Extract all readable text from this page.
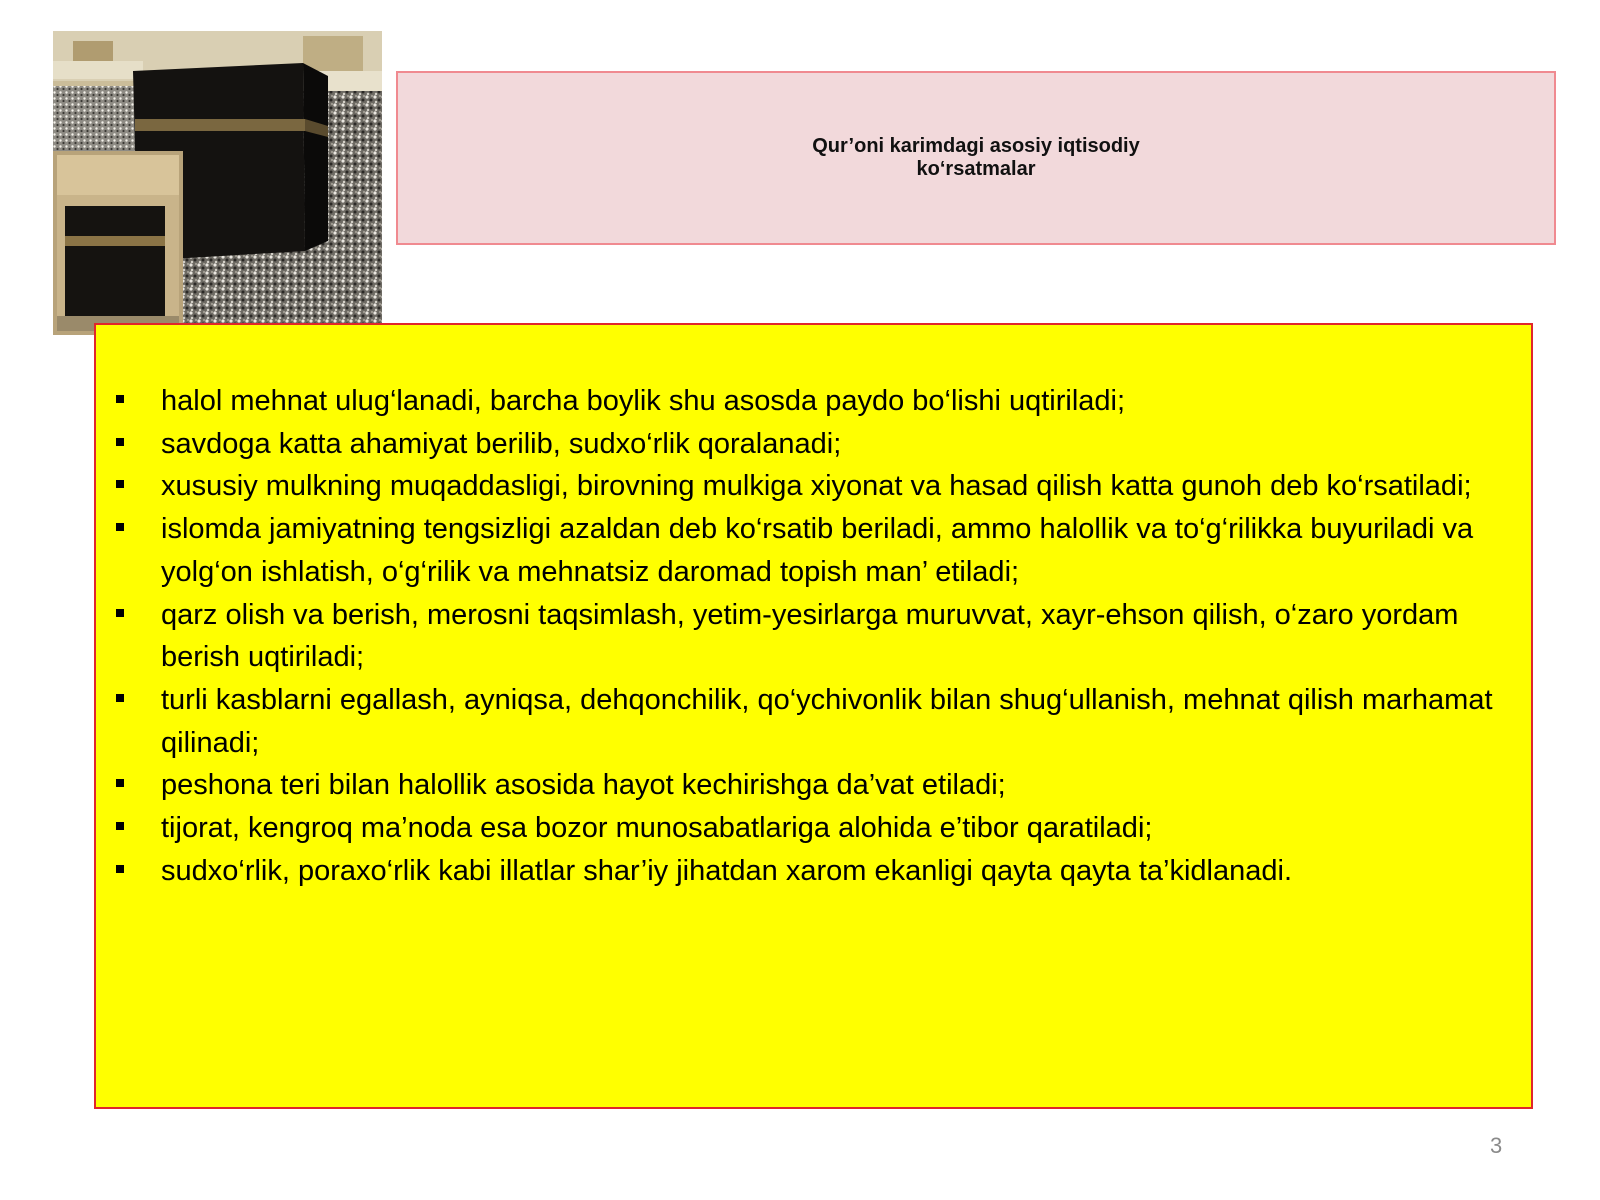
Qur’oni karimdagi asosiy iqtisodiy
ko‘rsatmalar
halol mehnat ulug‘lanadi, barcha boylik shu asosda paydo bo‘lishi uqtiriladi;
savdoga katta ahamiyat berilib, sudxo‘rlik qoralanadi;
xususiy mulkning muqaddasligi, birovning mulkiga xiyonat va hasad qilish katta gunoh deb ko‘rsatiladi;
islomda jamiyatning tengsizligi azaldan deb ko‘rsatib beriladi, ammo halollik va to‘g‘rilikka buyuriladi va yolg‘on ishlatish, o‘g‘rilik va mehnatsiz daromad topish man’ etiladi;
qarz olish va berish, merosni taqsimlash, yetim-yesirlarga muruvvat, xayr-ehson qilish, o‘zaro yordam berish uqtiriladi;
turli kasblarni egallash, ayniqsa, dehqonchilik, qo‘ychivonlik bilan shug‘ullanish, mehnat qilish marhamat qilinadi;
peshona teri bilan halollik asosida hayot kechirishga da’vat etiladi;
tijorat, kengroq ma’noda esa bozor munosabatlariga alohida e’tibor qaratiladi;
sudxo‘rlik, poraxo‘rlik kabi illatlar shar’iy jihatdan xarom ekanligi qayta qayta ta’kidlanadi.
3
